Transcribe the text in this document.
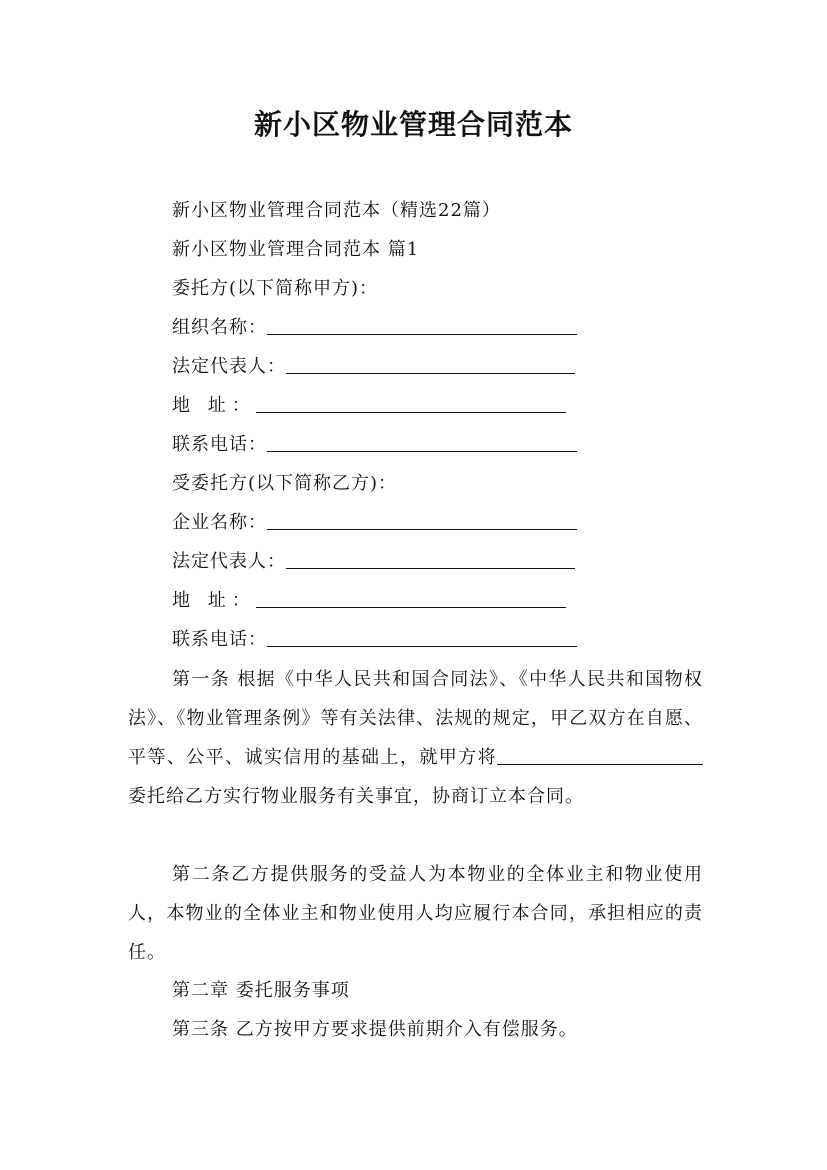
新小区物业管理合同范本
新小区物业管理合同范本（精选22篇）
新小区物业管理合同范本 篇1
委托方(以下简称甲方)：
组织名称：
法定代表人：
地 址：
联系电话：
受委托方(以下简称乙方)：
企业名称：
法定代表人：
地 址：
联系电话：
第一条 根据《中华人民共和国合同法》、《中华人民共和国物权法》、《物业管理条例》等有关法律、法规的规定，甲乙双方在自愿、平等、公平、诚实信用的基础上，就甲方将委托给乙方实行物业服务有关事宜，协商订立本合同。
第二条乙方提供服务的受益人为本物业的全体业主和物业使用人，本物业的全体业主和物业使用人均应履行本合同，承担相应的责任。
第二章 委托服务事项
第三条 乙方按甲方要求提供前期介入有偿服务。
